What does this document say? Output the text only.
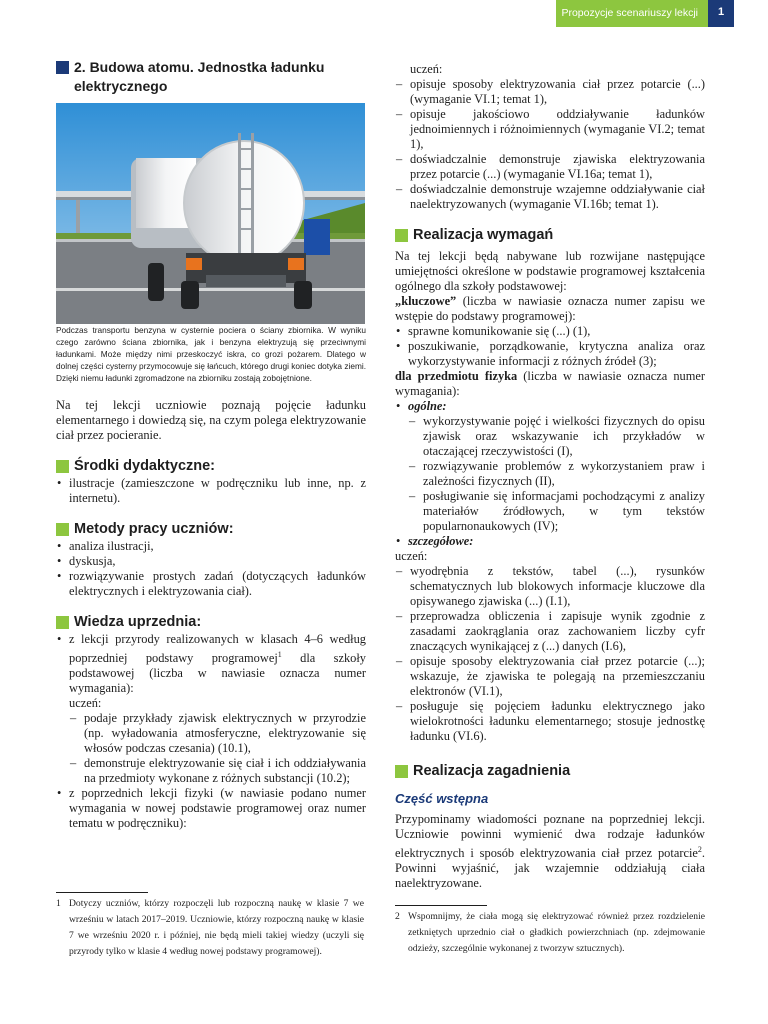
Propozycje scenariuszy lekcji	1
2. Budowa atomu. Jednostka ładunku elektrycznego
Podczas transportu benzyna w cysternie pociera o ściany zbiornika. W wyniku czego zarówno ściana zbiornika, jak i benzyna elektryzują się przeciwnymi ładunkami. Może między nimi przeskoczyć iskra, co grozi pożarem. Dlatego w dolnej części cysterny przymocowuje się łańcuch, którego drugi koniec dotyka ziemi. Dzięki niemu ładunki zgromadzone na zbiorniku zostają zobojętnione.
Na tej lekcji uczniowie poznają pojęcie ładunku elementarnego i dowiedzą się, na czym polega elektryzowanie ciał przez pocieranie.
Środki dydaktyczne:
• ilustracje (zamieszczone w podręczniku lub inne, np. z internetu).
Metody pracy uczniów:
• analiza ilustracji,
• dyskusja,
• rozwiązywanie prostych zadań (dotyczących ładunków elektrycznych i elektryzowania ciał).
Wiedza uprzednia:
• z lekcji przyrody realizowanych w klasach 4–6 według poprzedniej podstawy programowej$^1$ dla szkoły podstawowej (liczba w nawiasie oznacza numer wymagania):
uczeń:
– podaje przykłady zjawisk elektrycznych w przyrodzie (np. wyładowania atmosferyczne, elektryzowanie się włosów podczas czesania) (10.1),
– demonstruje elektryzowanie się ciał i ich oddziaływania na przedmioty wykonane z różnych substancji (10.2);
• z poprzednich lekcji fizyki (w nawiasie podano numer wymagania w nowej podstawie programowej oraz numer tematu w podręczniku):
uczeń:
– opisuje sposoby elektryzowania ciał przez potarcie (...) (wymaganie VI.1; temat 1),
– opisuje jakościowo oddziaływanie ładunków jednoimiennych i różnoimiennych (wymaganie VI.2; temat 1),
– doświadczalnie demonstruje zjawiska elektryzowania przez potarcie (...) (wymaganie VI.16a; temat 1),
– doświadczalnie demonstruje wzajemne oddziaływanie ciał naelektryzowanych (wymaganie VI.16b; temat 1).
Realizacja wymagań
Na tej lekcji będą nabywane lub rozwijane następujące umiejętności określone w podstawie programowej kształcenia ogólnego dla szkoły podstawowej:
„kluczowe” (liczba w nawiasie oznacza numer zapisu we wstępie do podstawy programowej):
• sprawne komunikowanie się (...) (1),
• poszukiwanie, porządkowanie, krytyczna analiza oraz wykorzystywanie informacji z różnych źródeł (3);
dla przedmiotu fizyka (liczba w nawiasie oznacza numer wymagania):
• ogólne:
– wykorzystywanie pojęć i wielkości fizycznych do opisu zjawisk oraz wskazywanie ich przykładów w otaczającej rzeczywistości (I),
– rozwiązywanie problemów z wykorzystaniem praw i zależności fizycznych (II),
– posługiwanie się informacjami pochodzącymi z analizy materiałów źródłowych, w tym tekstów popularnonaukowych (IV);
• szczegółowe:
uczeń:
– wyodrębnia z tekstów, tabel (...), rysunków schematycznych lub blokowych informacje kluczowe dla opisywanego zjawiska (...) (I.1),
– przeprowadza obliczenia i zapisuje wynik zgodnie z zasadami zaokrąglania oraz zachowaniem liczby cyfr znaczących wynikającej z (...) danych (I.6),
– opisuje sposoby elektryzowania ciał przez potarcie (...); wskazuje, że zjawiska te polegają na przemieszczaniu elektronów (VI.1),
– posługuje się pojęciem ładunku elektrycznego jako wielokrotności ładunku elementarnego; stosuje jednostkę ładunku (VI.6).
Realizacja zagadnienia
Część wstępna
Przypominamy wiadomości poznane na poprzedniej lekcji. Uczniowie powinni wymienić dwa rodzaje ładunków elektrycznych i sposób elektryzowania ciał przez potarcie$^2$. Powinni wyjaśnić, jak wzajemnie oddziałują ciała naelektryzowane.
1 Dotyczy uczniów, którzy rozpoczęli lub rozpoczną naukę w klasie 7 we wrześniu w latach 2017–2019. Uczniowie, którzy rozpoczną naukę w klasie 7 we wrześniu 2020 r. i później, nie będą mieli takiej wiedzy (uczyli się przyrody tylko w klasie 4 według nowej podstawy programowej).
2 Wspomnijmy, że ciała mogą się elektryzować również przez rozdzielenie zetkniętych uprzednio ciał o gładkich powierzchniach (np. zdejmowanie odzieży, szczególnie wykonanej z tworzyw sztucznych).
